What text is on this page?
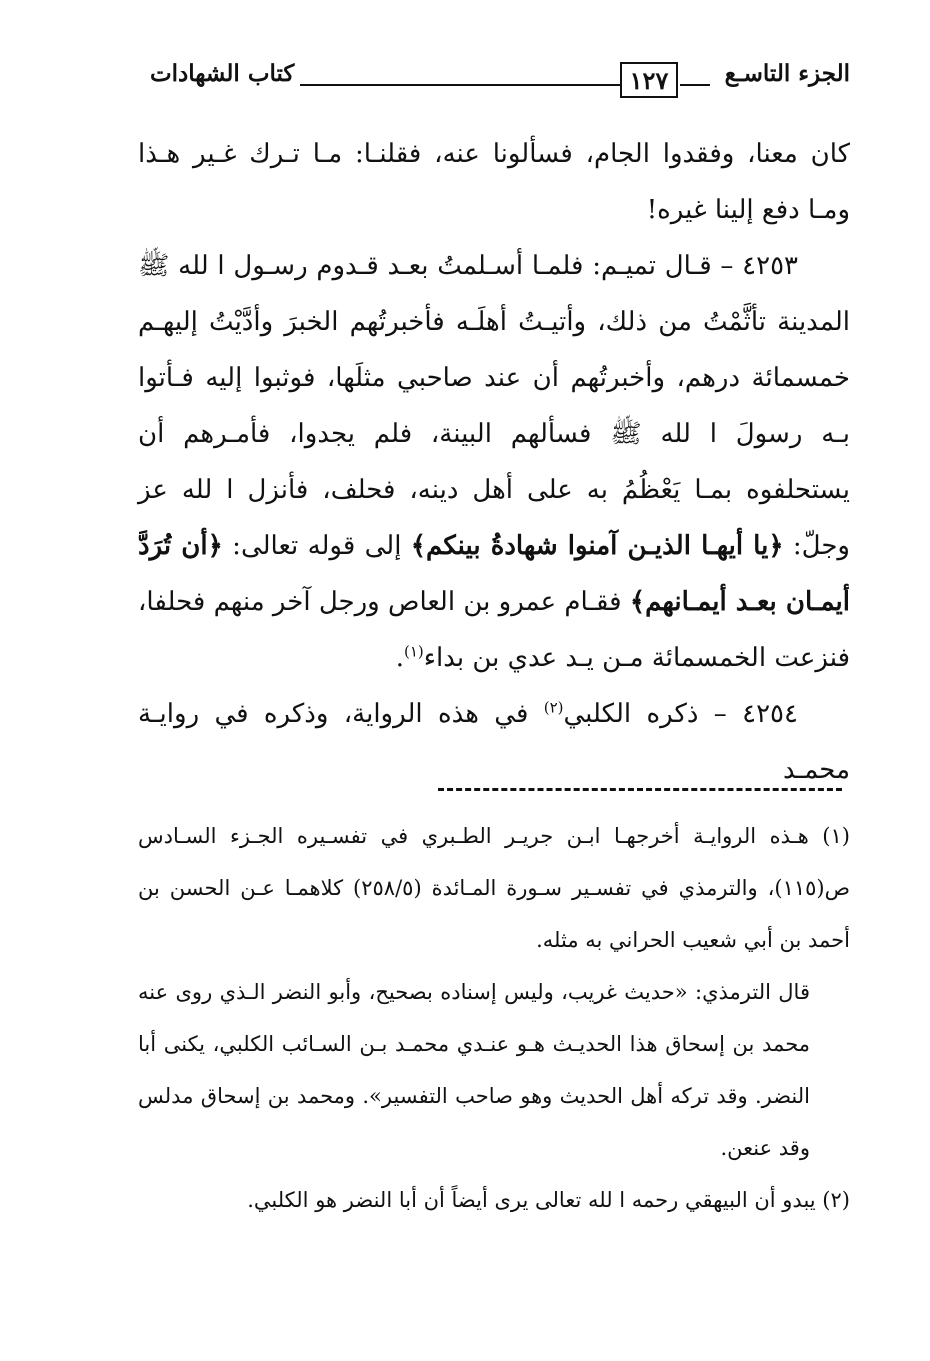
كتاب الشهادات	١٢٧	الجزء التاسـع

كان معنا، وفقدوا الجام، فسألونا عنه، فقلنـا: مـا تـرك غـير هـذا ومـا دفع إلينا غيره!

٤٢٥٣ – قـال تميـم: فلمـا أسـلمتُ بعـد قـدوم رسـول ا لله ﷺ المدينة تأثَّمْتُ من ذلك، وأتيـتُ أهلَـه فأخبرتُهم الخبرَ وأدَّيْتُ إليهـم خمسمائة درهم، وأخبرتُهم أن عند صاحبي مثلَها، فوثبوا إليه فـأتوا بـه رسولَ ا لله ﷺ فسألهم البينة، فلم يجدوا، فأمـرهم أن يستحلفوه بمـا يَعْظُمُ به على أهل دينه، فحلف، فأنزل ا لله عز وجلّ: ﴿يا أيهـا الذيـن آمنوا شهادةُ بينكم﴾ إلى قوله تعالى: ﴿أن تُرَدَّ أيمـان بعـد أيمـانهم﴾ فقـام عمرو بن العاص ورجل آخر منهم فحلفا، فنزعت الخمسمائة مـن يـد عدي بن بداء$^{(١)}$.

٤٢٥٤ – ذكره الكلبي$^{(٢)}$ في هذه الرواية، وذكره في روايـة محمـد

(١) هـذه الروايـة أخرجهـا ابـن جريـر الطـبري في تفسـيره الجـزء السـادس ص(١١٥)، والترمذي في تفسـير سـورة المـائدة (٢٥٨/٥) كلاهمـا عـن الحسن بن أحمد بن أبي شعيب الحراني به مثله.

قال الترمذي: «حديث غريب، وليس إسناده بصحيح، وأبو النضر الـذي روى عنه محمد بن إسحاق هذا الحديـث هـو عنـدي محمـد بـن السـائب الكلبي، يكنى أبا النضر. وقد تركه أهل الحديث وهو صاحب التفسير». ومحمد بن إسحاق مدلس وقد عنعن.

(٢) يبدو أن البيهقي رحمه ا لله تعالى يرى أيضاً أن أبا النضر هو الكلبي.
